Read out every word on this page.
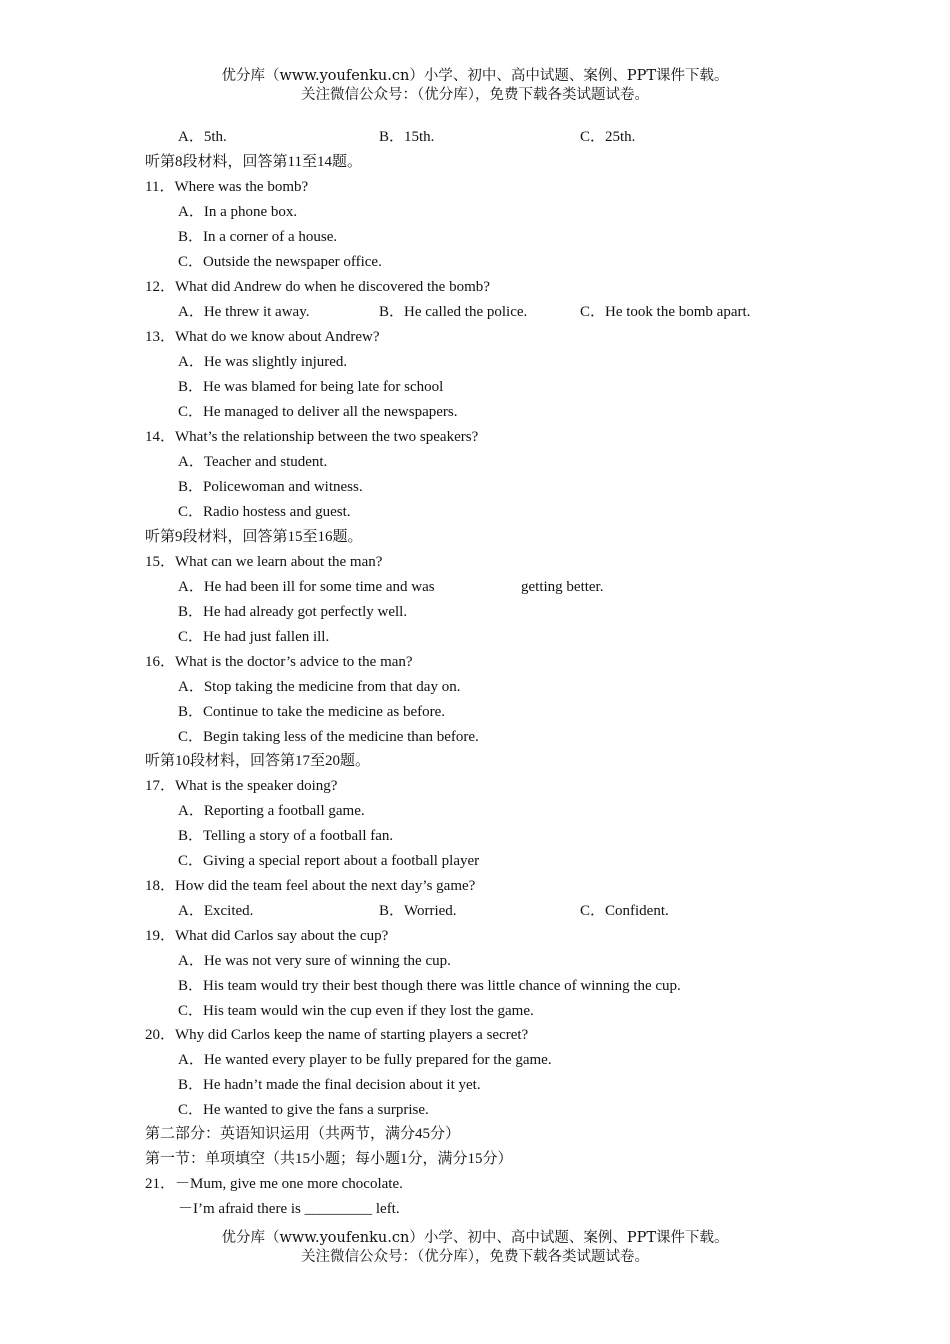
优分库（www.youfenku.cn）小学、初中、高中试题、案例、PPT课件下载。
关注微信公众号：（优分库），免费下载各类试题试卷。
A．5th.	B．15th.	C．25th.
听第8段材料，回答第11至14题。
11．Where was the bomb?
A．In a phone box.
B．In a corner of a house.
C．Outside the newspaper office.
12．What did Andrew do when he discovered the bomb?
A．He threw it away.	B．He called the police.	C．He took the bomb apart.
13．What do we know about Andrew?
A．He was slightly injured.
B．He was blamed for being late for school
C．He managed to deliver all the newspapers.
14．What’s the relationship between the two speakers?
A．Teacher and student.
B．Policewoman and witness.
C．Radio hostess and guest.
听第9段材料，回答第15至16题。
15．What can we learn about the man?
A．He had been ill for some time and was	getting better.
B．He had already got perfectly well.
C．He had just fallen ill.
16．What is the doctor’s advice to the man?
A．Stop taking the medicine from that day on.
B．Continue to take the medicine as before.
C．Begin taking less of the medicine than before.
听第10段材料，回答第17至20题。
17．What is the speaker doing?
A．Reporting a football game.
B．Telling a story of a football fan.
C．Giving a special report about a football player
18．How did the team feel about the next day’s game?
A．Excited.	B．Worried.	C．Confident.
19．What did Carlos say about the cup?
A．He was not very sure of winning the cup.
B．His team would try their best though there was little chance of winning the cup.
C．His team would win the cup even if they lost the game.
20．Why did Carlos keep the name of starting players a secret?
A．He wanted every player to be fully prepared for the game.
B．He hadn’t made the final decision about it yet.
C．He wanted to give the fans a surprise.
第二部分：英语知识运用（共两节，满分45分）
第一节：单项填空（共15小题；每小题1分，满分15分）
21．－Mum, give me one more chocolate.
－I’m afraid there is _________ left.
优分库（www.youfenku.cn）小学、初中、高中试题、案例、PPT课件下载。
关注微信公众号：（优分库），免费下载各类试题试卷。
